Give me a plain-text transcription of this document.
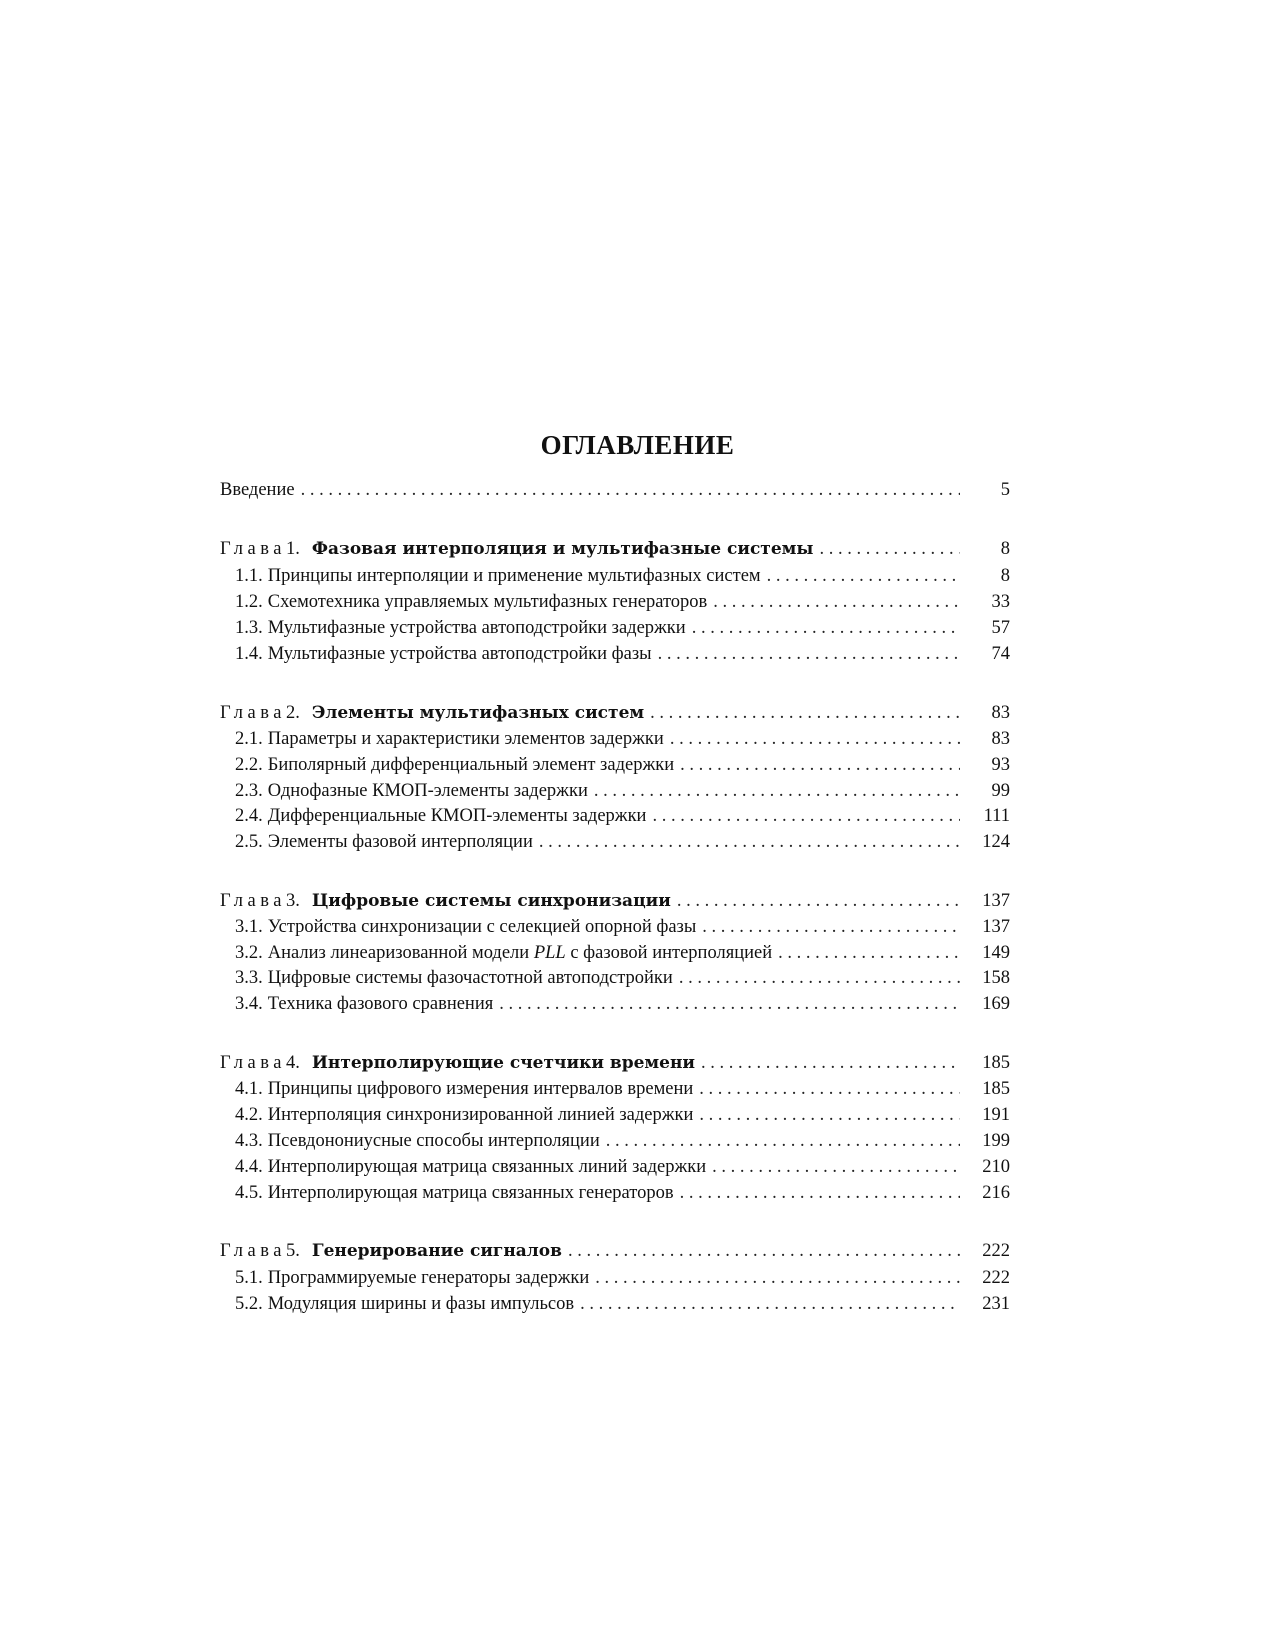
ОГЛАВЛЕНИЕ
Введение . . .	5
Глава 1. Фазовая интерполяция и мультифазные системы . . .	8
1.1. Принципы интерполяции и применение мультифазных систем . . .	8
1.2. Схемотехника управляемых мультифазных генераторов . . .	33
1.3. Мультифазные устройства автоподстройки задержки . . .	57
1.4. Мультифазные устройства автоподстройки фазы . . .	74
Глава 2. Элементы мультифазных систем . . .	83
2.1. Параметры и характеристики элементов задержки . . .	83
2.2. Биполярный дифференциальный элемент задержки . . .	93
2.3. Однофазные КМОП-элементы задержки . . .	99
2.4. Дифференциальные КМОП-элементы задержки . . .	111
2.5. Элементы фазовой интерполяции . . .	124
Глава 3. Цифровые системы синхронизации . . .	137
3.1. Устройства синхронизации с селекцией опорной фазы . . .	137
3.2. Анализ линеаризованной модели PLL с фазовой интерполяцией . . .	149
3.3. Цифровые системы фазочастотной автоподстройки . . .	158
3.4. Техника фазового сравнения . . .	169
Глава 4. Интерполирующие счетчики времени . . .	185
4.1. Принципы цифрового измерения интервалов времени . . .	185
4.2. Интерполяция синхронизированной линией задержки . . .	191
4.3. Псевдонониусные способы интерполяции . . .	199
4.4. Интерполирующая матрица связанных линий задержки . . .	210
4.5. Интерполирующая матрица связанных генераторов . . .	216
Глава 5. Генерирование сигналов . . .	222
5.1. Программируемые генераторы задержки . . .	222
5.2. Модуляция ширины и фазы импульсов . . .	231
